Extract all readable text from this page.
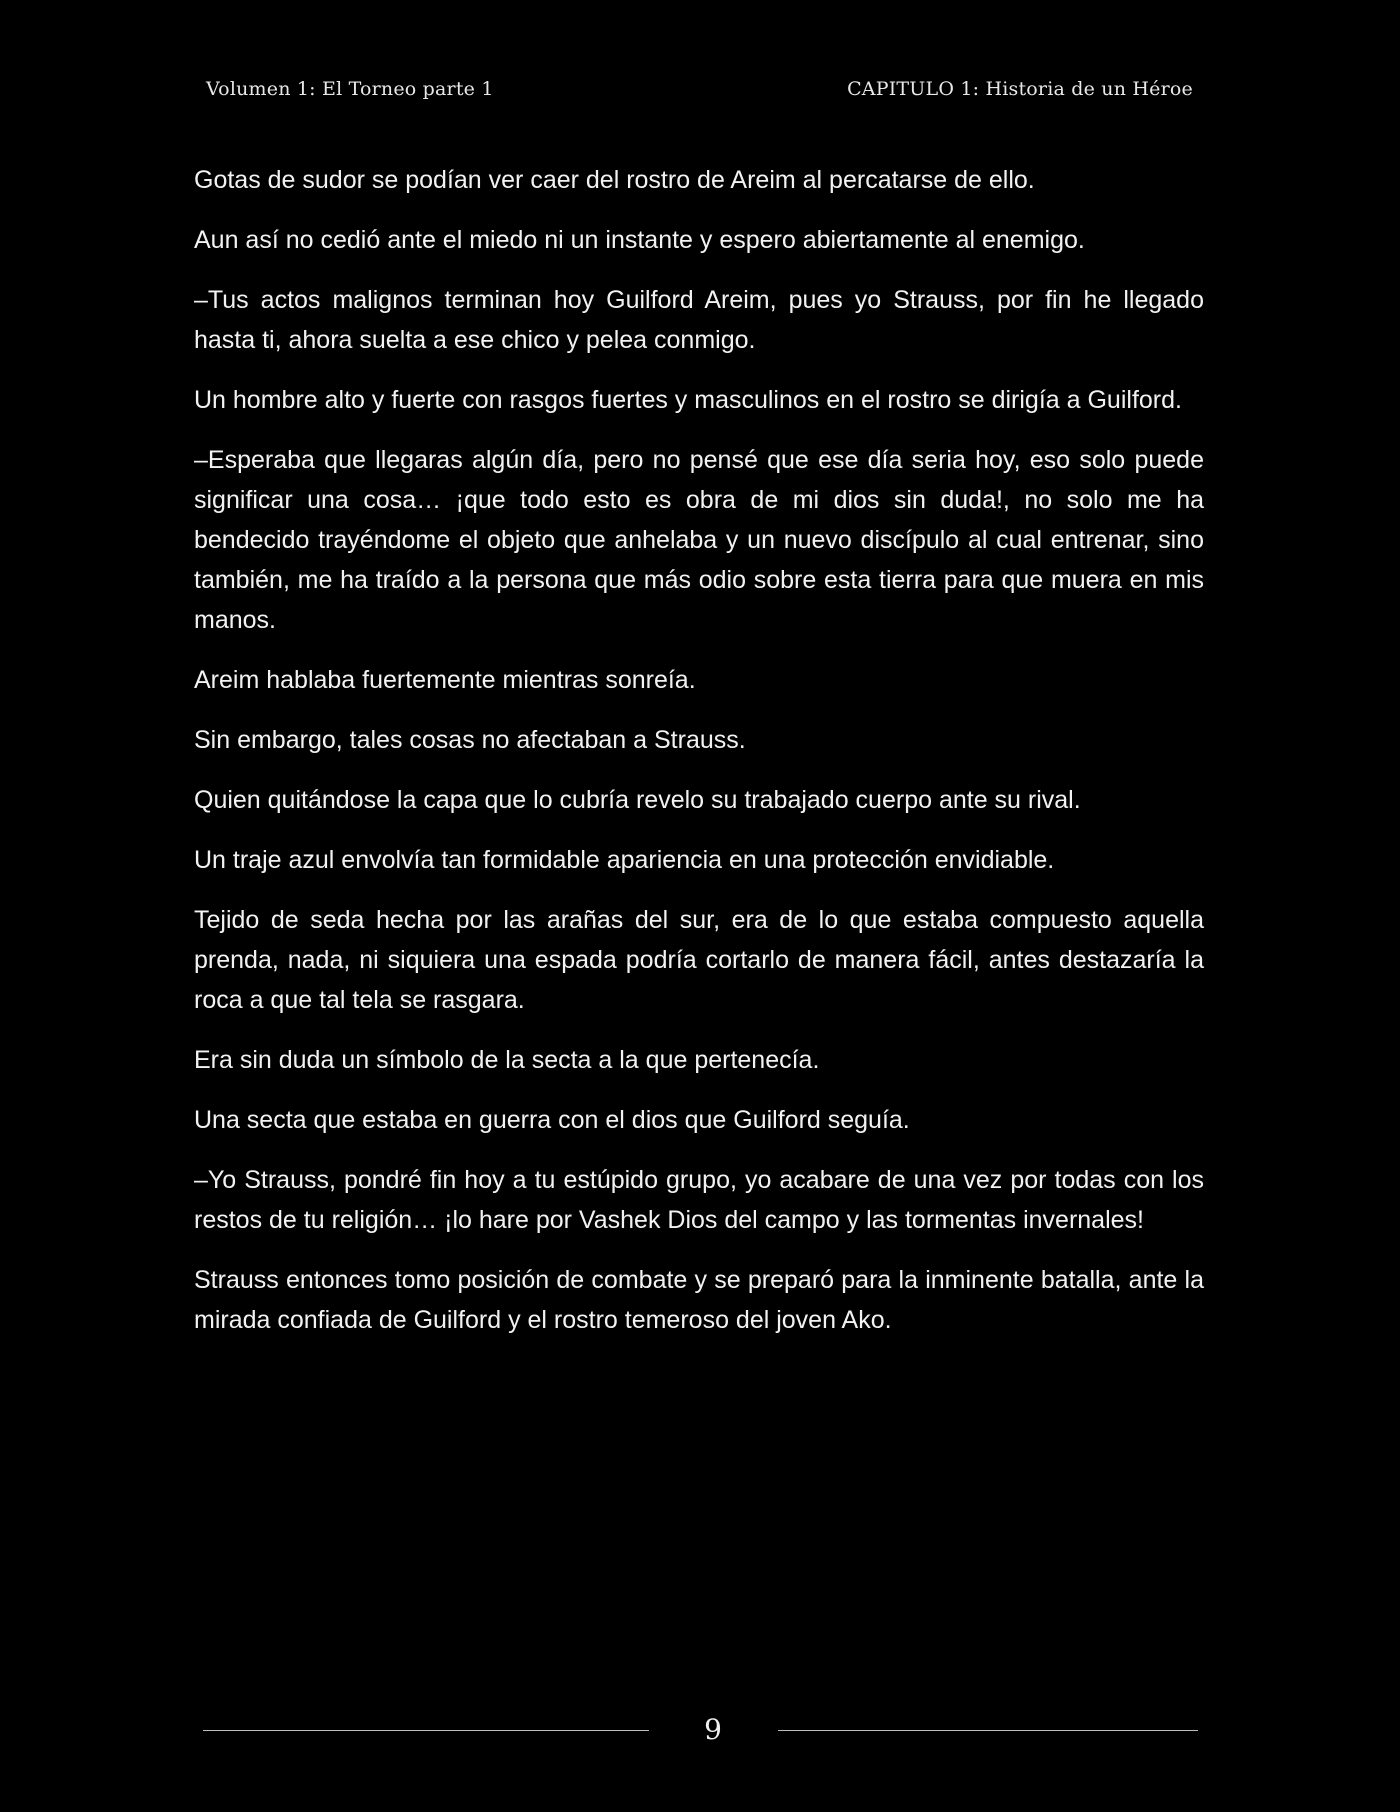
Volumen 1: El Torneo parte 1	CAPITULO 1: Historia de un Héroe

Gotas de sudor se podían ver caer del rostro de Areim al percatarse de ello.

Aun así no cedió ante el miedo ni un instante y espero abiertamente al enemigo.

–Tus actos malignos terminan hoy Guilford Areim, pues yo Strauss, por fin he llegado hasta ti, ahora suelta a ese chico y pelea conmigo.

Un hombre alto y fuerte con rasgos fuertes y masculinos en el rostro se dirigía a Guilford.

–Esperaba que llegaras algún día, pero no pensé que ese día seria hoy, eso solo puede significar una cosa… ¡que todo esto es obra de mi dios sin duda!, no solo me ha bendecido trayéndome el objeto que anhelaba y un nuevo discípulo al cual entrenar, sino también, me ha traído a la persona que más odio sobre esta tierra para que muera en mis manos.

Areim hablaba fuertemente mientras sonreía.

Sin embargo, tales cosas no afectaban a Strauss.

Quien quitándose la capa que lo cubría revelo su trabajado cuerpo ante su rival.

Un traje azul envolvía tan formidable apariencia en una protección envidiable.

Tejido de seda hecha por las arañas del sur, era de lo que estaba compuesto aquella prenda, nada, ni siquiera una espada podría cortarlo de manera fácil, antes destazaría la roca a que tal tela se rasgara.

Era sin duda un símbolo de la secta a la que pertenecía.

Una secta que estaba en guerra con el dios que Guilford seguía.

–Yo Strauss, pondré fin hoy a tu estúpido grupo, yo acabare de una vez por todas con los restos de tu religión… ¡lo hare por Vashek Dios del campo y las tormentas invernales!

Strauss entonces tomo posición de combate y se preparó para la inminente batalla, ante la mirada confiada de Guilford y el rostro temeroso del joven Ako.

9
